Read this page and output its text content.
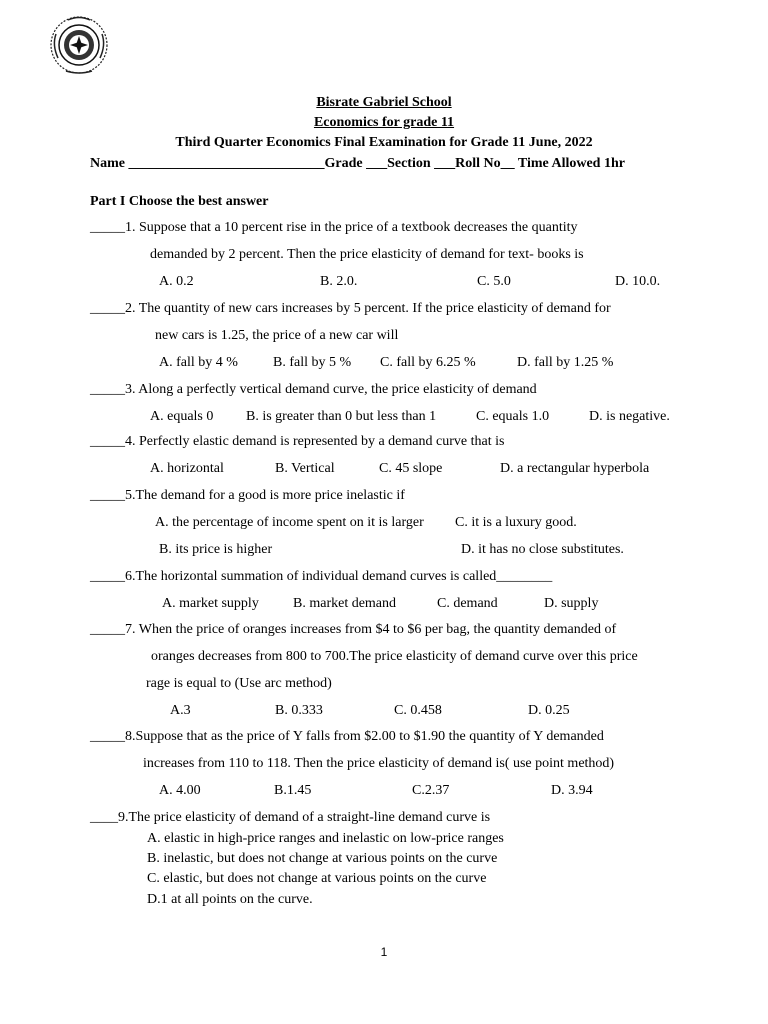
Bisrate Gabriel School
Economics for grade 11
Third Quarter Economics Final Examination for Grade 11 June, 2022
Name ____________________________Grade ___Section ___Roll No__ Time Allowed 1hr
Part I Choose the best answer
_____1. Suppose that a 10 percent rise in the price of a textbook decreases the quantity
demanded by 2 percent. Then the price elasticity of demand for text- books is
A. 0.2	B. 2.0.	C. 5.0	D. 10.0.
_____2. The quantity of new cars increases by 5 percent. If the price elasticity of demand for
new cars is 1.25, the price of a new car will
A. fall by 4 %	B. fall by 5 % C. fall by 6.25 %	D. fall by 1.25 %
_____3. Along a perfectly vertical demand curve, the price elasticity of demand
A. equals 0 B. is greater than 0 but less than 1	C. equals 1.0	D. is negative.
_____4. Perfectly elastic demand is represented by a demand curve that is
A. horizontal	B. Vertical	C. 45 slope	D. a rectangular hyperbola
_____5.The demand for a good is more price inelastic if
A. the percentage of income spent on it is larger C. it is a luxury good.
B. its price is higher	D. it has no close substitutes.
_____6.The horizontal summation of individual demand curves is called________
A. market supply B. market demand	C. demand	D. supply
_____7. When the price of oranges increases from $4 to $6 per bag, the quantity demanded of
oranges decreases from 800 to 700.The price elasticity of demand curve over this price
rage is equal to (Use arc method)
A.3	B. 0.333	C. 0.458	D. 0.25
_____8.Suppose that as the price of Y falls from $2.00 to $1.90 the quantity of Y demanded
increases from 110 to 118. Then the price elasticity of demand is( use point method)
A. 4.00	B.1.45	C.2.37	D. 3.94
____9.The price elasticity of demand of a straight-line demand curve is
A. elastic in high-price ranges and inelastic on low-price ranges
B. inelastic, but does not change at various points on the curve
C. elastic, but does not change at various points on the curve
D.1 at all points on the curve.
1
